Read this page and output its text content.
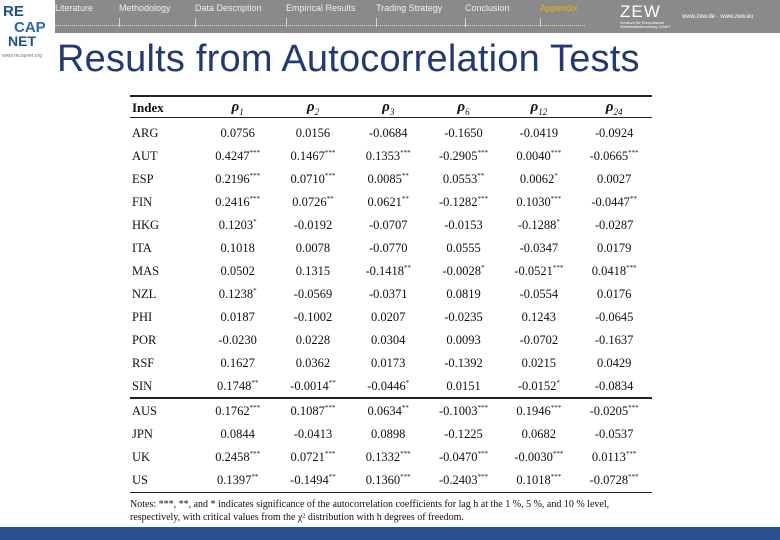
Literature	Methodology	Data Description	Empirical Results Trading Strategy	Conclusion	Appendix ZEW
Zentrum für Europäische Wirtschaftsforschung GmbH
www.zew.de · www.zew.eu
RE
CAP
NET
www.recapnet.org Results from Autocorrelation Tests
Index	$\rho_1$	$\rho_2$	$\rho_3$	$\rho_6$	$\rho_{12}$	$\rho_{24}$
ARG	0.0756	0.0156	-0.0684	-0.1650	-0.0419	-0.0924
AUT	0.4247***	0.1467***	0.1353***	-0.2905***	0.0040***	-0.0665***
ESP	0.2196***	0.0710***	0.0085**	0.0553**	0.0062*	0.0027
FIN	0.2416***	0.0726**	0.0621**	-0.1282***	0.1030***	-0.0447**
HKG	0.1203*	-0.0192	-0.0707	-0.0153	-0.1288*	-0.0287
ITA	0.1018	0.0078	-0.0770	0.0555	-0.0347	0.0179
MAS	0.0502	0.1315	-0.1418**	-0.0028*	-0.0521***	0.0418***
NZL	0.1238*	-0.0569	-0.0371	0.0819	-0.0554	0.0176
PHI	0.0187	-0.1002	0.0207	-0.0235	0.1243	-0.0645
POR	-0.0230	0.0228	0.0304	0.0093	-0.0702	-0.1637
RSF	0.1627	0.0362	0.0173	-0.1392	0.0215	0.0429
SIN	0.1748**	-0.0014**	-0.0446*	0.0151	-0.0152*	-0.0834
AUS	0.1762***	0.1087***	0.0634**	-0.1003***	0.1946***	-0.0205***
JPN	0.0844	-0.0413	0.0898	-0.1225	0.0682	-0.0537
UK	0.2458***	0.0721***	0.1332***	-0.0470***	-0.0030***	0.0113***
US	0.1397**	-0.1494**	0.1360***	-0.2403***	0.1018***	-0.0728***
Notes: ***, **, and * indicates significance of the autocorrelation coefficients for lag h at the 1 %, 5 %, and 10 % level, respectively, with critical values from the χ² distribution with h degrees of freedom.
